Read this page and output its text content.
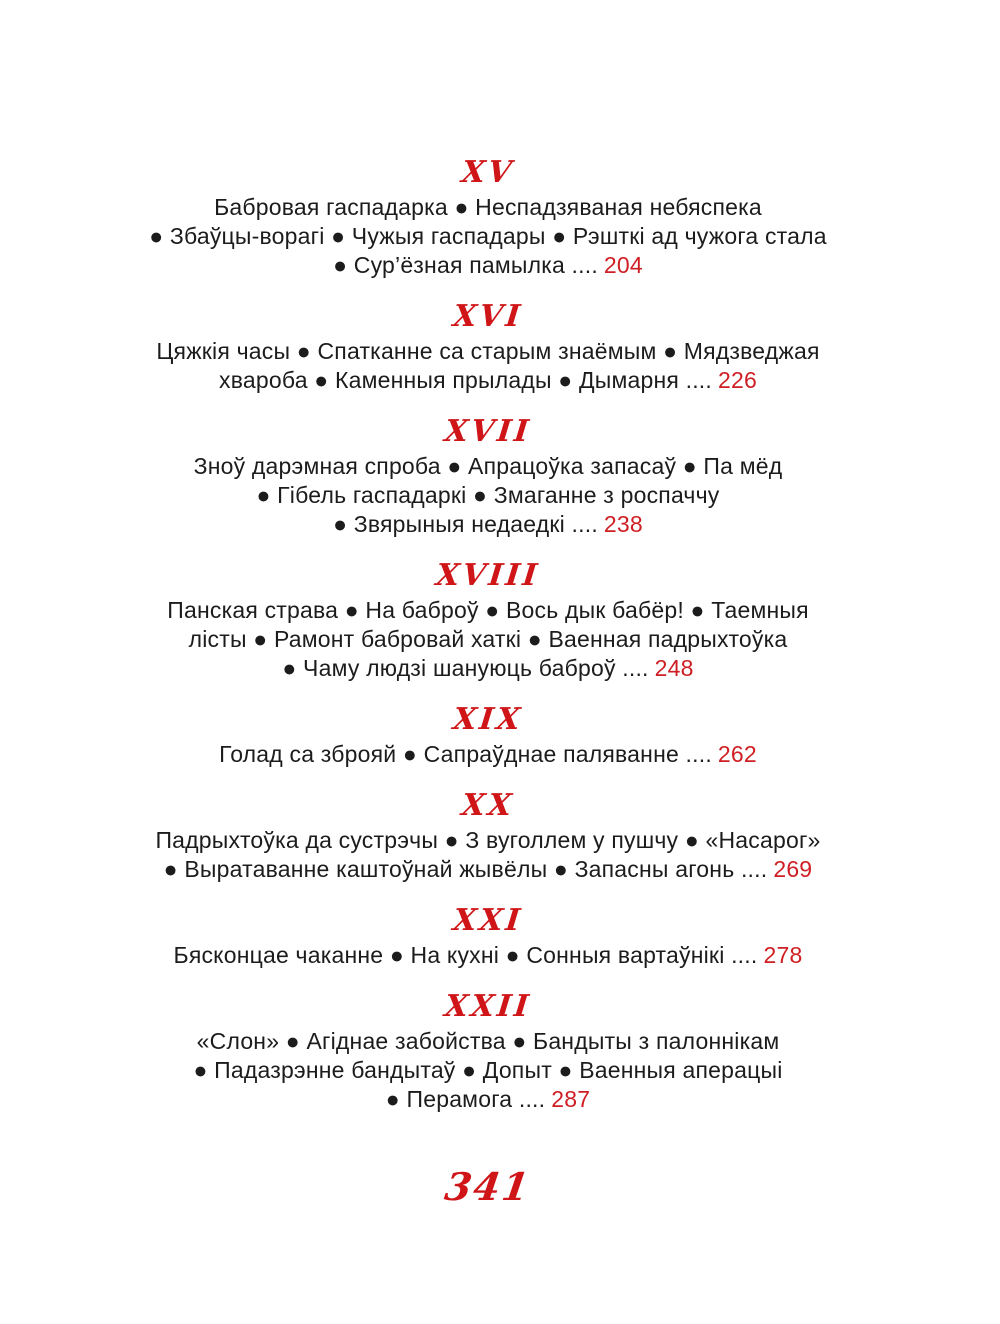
XV

Бабровая гаспадарка ● Неспадзяваная небяспека

● Збаўцы-ворагі ● Чужыя гаспадары ● Рэшткі ад чужога стала

● Сур’ёзная памылка .... 204

XVI

Цяжкія часы ● Спатканне са старым знаёмым ● Мядзведжая

хвароба ● Каменныя прылады ● Дымарня .... 226

XVII

Зноў дарэмная спроба ● Апрацоўка запасаў ● Па мёд

● Гібель гаспадаркі ● Змаганне з роспаччу

● Звярыныя недаедкі .... 238

XVIII

Панская страва ● На баброў ● Вось дык бабёр! ● Таемныя

лісты ● Рамонт бабровай хаткі ● Ваенная падрыхтоўка

● Чаму людзі шануюць баброў .... 248

XIX

Голад са зброяй ● Сапраўднае паляванне .... 262

XX

Падрыхтоўка да сустрэчы ● З вуголлем у пушчу ● «Насарог»

● Выратаванне каштоўнай жывёлы ● Запасны агонь .... 269

XXI

Бясконцае чаканне ● На кухні ● Сонныя вартаўнікі .... 278

XXII

«Слон» ● Агіднае забойства ● Бандыты з палоннікам

● Падазрэнне бандытаў ● Допыт ● Ваенныя аперацыі

● Перамога .... 287

341
